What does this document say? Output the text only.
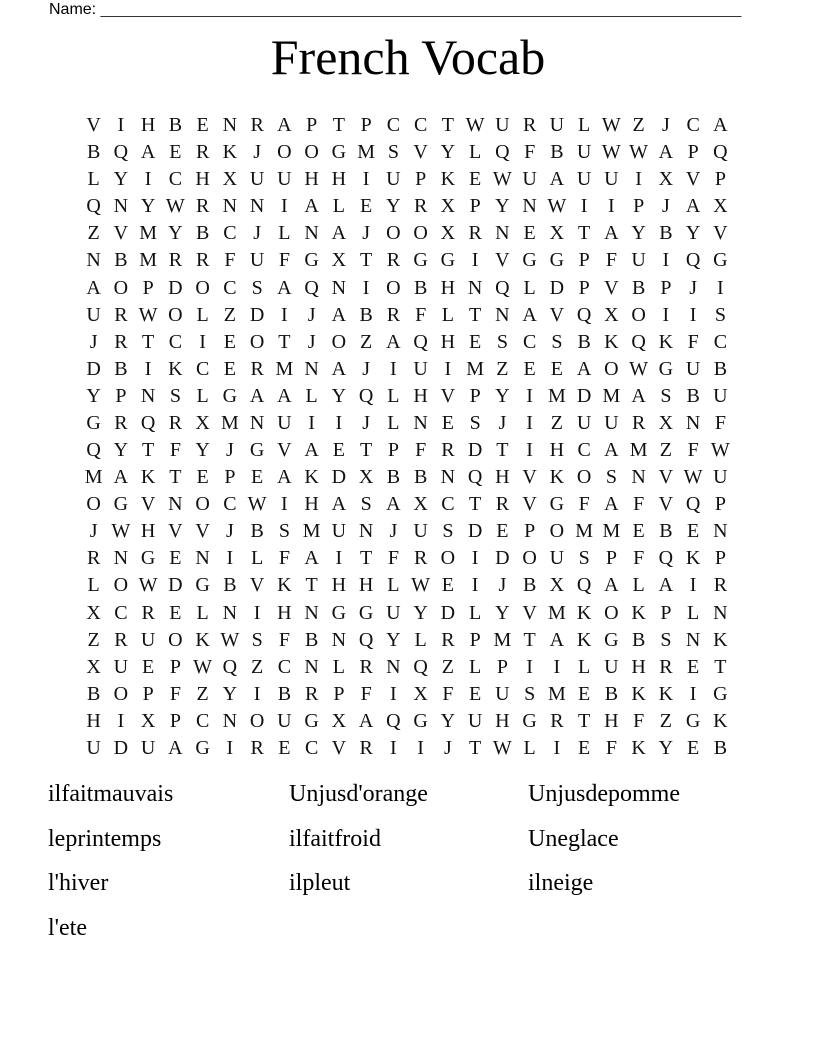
Name: ________________________________________________________________________
French Vocab
V I H B E N R A P T P C C T W U R U L W Z J C A
B Q A E R K J O O G M S V Y L Q F B U W W A P Q
L Y I C H X U U H H I U P K E W U A U U I X V P
Q N Y W R N N I A L E Y R X P Y N W I	I P J A X
Z V M Y B C J L N A J O O X R N E X T A Y B Y V
N B M R R F U F G X T R G G I V G G P F U I Q G
A O P D O C S A Q N I O B H N Q L D P V B P J	I
U R W O L Z D I	J A B R F L T N A V Q X O I	I S
J R T C I E O T J O Z A Q H E S C S B K Q K F C
D B I K C E R M N A J	I U I M Z E E A O W G U B
Y P N S L G A A L Y Q L H V P Y I M D M A S B U
G R Q R X M N U I	I	J L N E S J	I Z U U R X N F
Q Y T F Y J G V A E T P F R D T I H C A M Z F W
M A K T E P E A K D X B B N Q H V K O S N V W U
O G V N O C W I H A S A X C T R V G F A F V Q P
J W H V V J B S M U N J U S D E P O M M E B E N
R N G E N I L F A I T F R O I D O U S P F Q K P
L O W D G B V K T H H L W E I	J B X Q A L A I R
X C R E L N I H N G G U Y D L Y V M K O K P L N
Z R U O K W S F B N Q Y L R P M T A K G B S N K
X U E P W Q Z C N L R N Q Z L P I	I L U H R E T
B O P F Z Y I B R P F I X F E U S M E B K K I G
H I X P C N O U G X A Q G Y U H G R T H F Z G K
U D U A G I R E C V R I	I	J T W L I E F K Y E B
ilfaitmauvais
leprintemps
l'hiver
l'ete
Unjusd'orange
ilfaitfroid
ilpleut
Unjusdepomme
Uneglace
ilneige
